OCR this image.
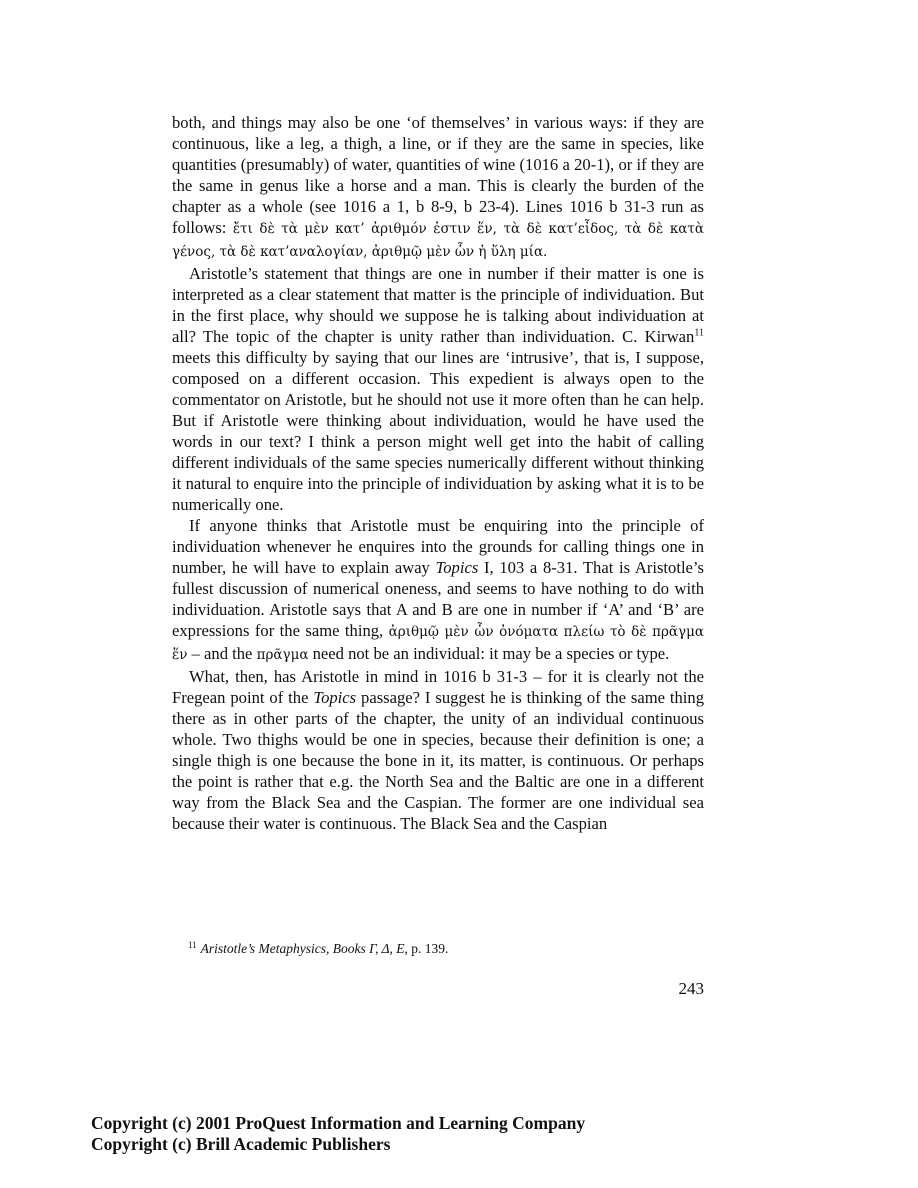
both, and things may also be one ‘of themselves’ in various ways: if they are continuous, like a leg, a thigh, a line, or if they are the same in species, like quantities (presumably) of water, quantities of wine (1016 a 20-1), or if they are the same in genus like a horse and a man. This is clearly the burden of the chapter as a whole (see 1016 a 1, b 8-9, b 23-4). Lines 1016 b 31-3 run as follows: ἔτι δὲ τὰ μὲν κατ’ ἀριθμόν ἐστιν ἕν, τὰ δὲ κατ’εἶδος, τὰ δὲ κατὰ γένος, τὰ δὲ κατ’αναλογίαν, ἀριθμῷ μὲν ὧν ἡ ὕλη μία.

Aristotle’s statement that things are one in number if their matter is one is interpreted as a clear statement that matter is the principle of individuation. But in the first place, why should we suppose he is talking about individuation at all? The topic of the chapter is unity rather than individuation. C. Kirwan$^{11}$ meets this difficulty by saying that our lines are ‘intrusive’, that is, I suppose, composed on a different occasion. This expedient is always open to the commentator on Aristotle, but he should not use it more often than he can help. But if Aristotle were thinking about individuation, would he have used the words in our text? I think a person might well get into the habit of calling different individuals of the same species numerically different without thinking it natural to enquire into the principle of individuation by asking what it is to be numerically one.

If anyone thinks that Aristotle must be enquiring into the principle of individuation whenever he enquires into the grounds for calling things one in number, he will have to explain away Topics I, 103 a 8-31. That is Aristotle’s fullest discussion of numerical oneness, and seems to have nothing to do with individuation. Aristotle says that A and B are one in number if ‘A’ and ‘B’ are expressions for the same thing, ἀριθμῷ μὲν ὧν ὀνόματα πλείω τὸ δὲ πρᾶγμα ἕν – and the πρᾶγμα need not be an individual: it may be a species or type.

What, then, has Aristotle in mind in 1016 b 31-3 – for it is clearly not the Fregean point of the Topics passage? I suggest he is thinking of the same thing there as in other parts of the chapter, the unity of an individual continuous whole. Two thighs would be one in species, because their definition is one; a single thigh is one because the bone in it, its matter, is continuous. Or perhaps the point is rather that e.g. the North Sea and the Baltic are one in a different way from the Black Sea and the Caspian. The former are one individual sea because their water is continuous. The Black Sea and the Caspian

$^{11}$ Aristotle’s Metaphysics, Books Γ, Δ, E, p. 139.
243
Copyright (c) 2001 ProQuest Information and Learning Company
Copyright (c) Brill Academic Publishers
